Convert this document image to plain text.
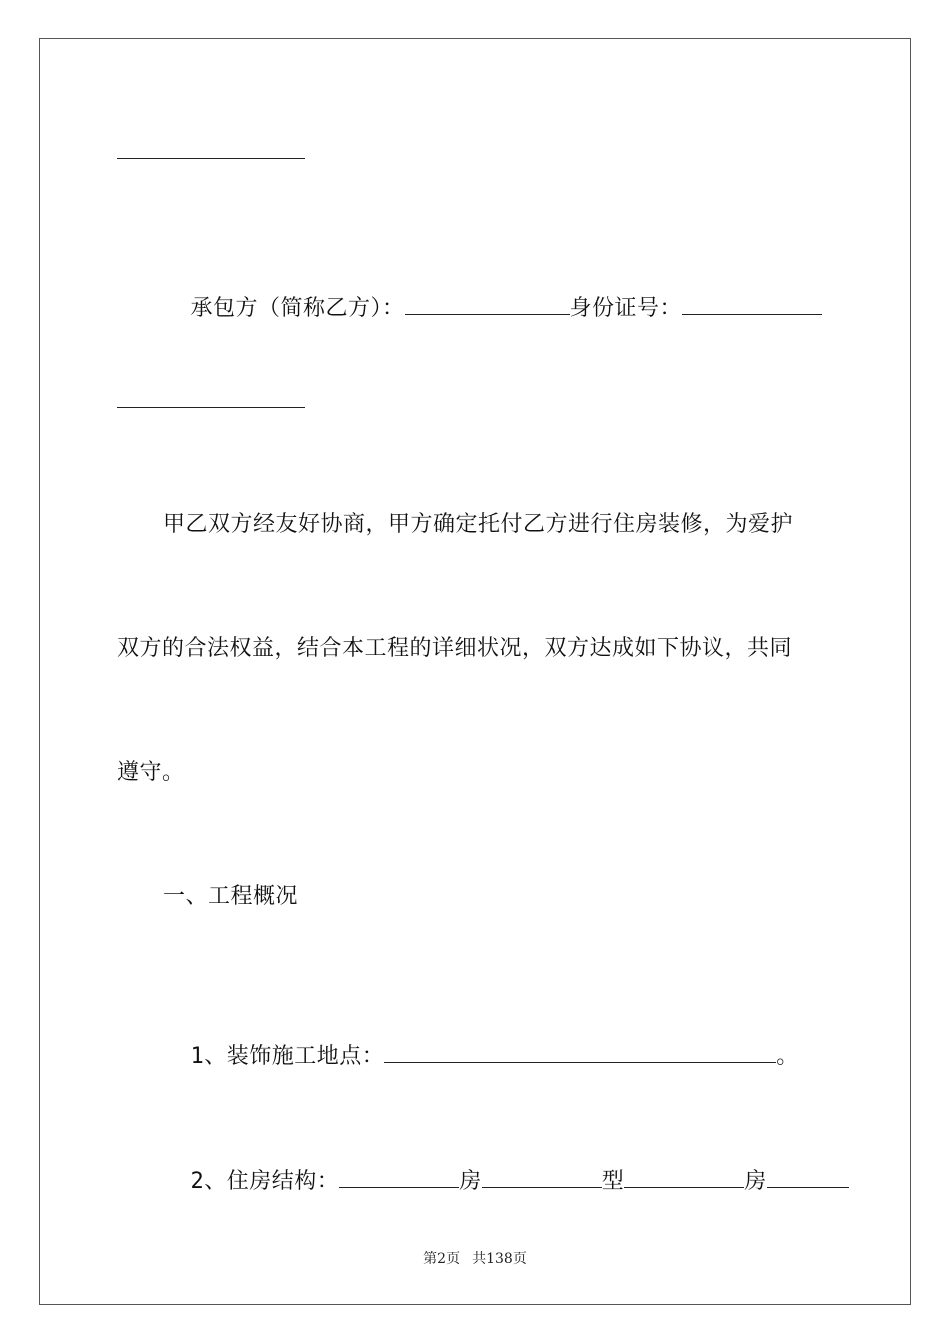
承包方（简称乙方）：	身份证号：

甲乙双方经友好协商，甲方确定托付乙方进行住房装修，为爱护
双方的合法权益，结合本工程的详细状况，双方达成如下协议，共同
遵守。
一、工程概况

1、装饰施工地点：	。

2、住房结构：	房	型	房

第2页 共138页
